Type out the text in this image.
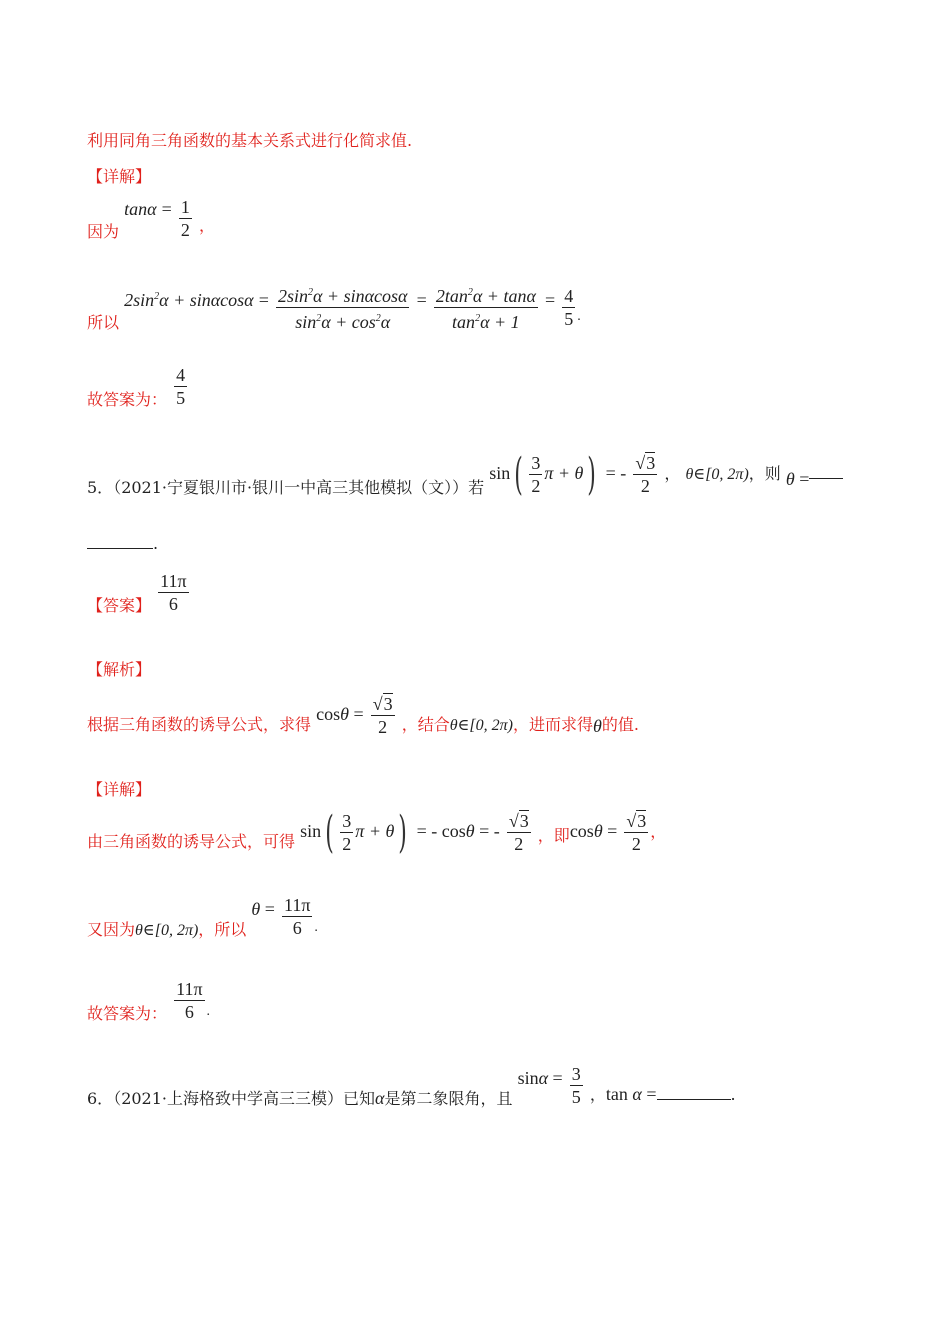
利用同角三角函数的基本关系式进行化简求值.
【详解】
因为 $\tan\alpha = \frac{1}{2}$ ，
所以 $2\sin^2\alpha + \sin\alpha\cos\alpha = \frac{2\sin^2\alpha + \sin\alpha\cos\alpha}{\sin^2\alpha + \cos^2\alpha} = \frac{2\tan^2\alpha + \tan\alpha}{\tan^2\alpha + 1} = \frac{4}{5}$ .
故答案为： $\frac{4}{5}$
5．（2021·宁夏银川市·银川一中高三其他模拟（文））若 $\sin( \frac{3}{2}$ π + θ) = - $\frac{√3}{2}$ ， θ∈[0, 2π)，则 θ =
.
【答案】 $\frac{11\pi}{6}$
【解析】
根据三角函数的诱导公式，求得 $\cos\theta = \frac{√3}{2}$ ，结合θ∈[0, 2π)，进而求得θ的值.
【详解】
由三角函数的诱导公式，可得 $\sin( \frac{3}{2}$ π + θ) = - cosθ = - $\frac{√3}{2}$ ，即$\cos\theta = \frac{√3}{2}$ ，
又因为θ∈[0, 2π)，所以 $\theta = \frac{11\pi}{6}$ .
故答案为： $\frac{11\pi}{6}$ .
6．（2021·上海格致中学高三三模）已知α是第二象限角，且 $\sin\alpha = \frac{3}{5}$ ，tan α =	.
